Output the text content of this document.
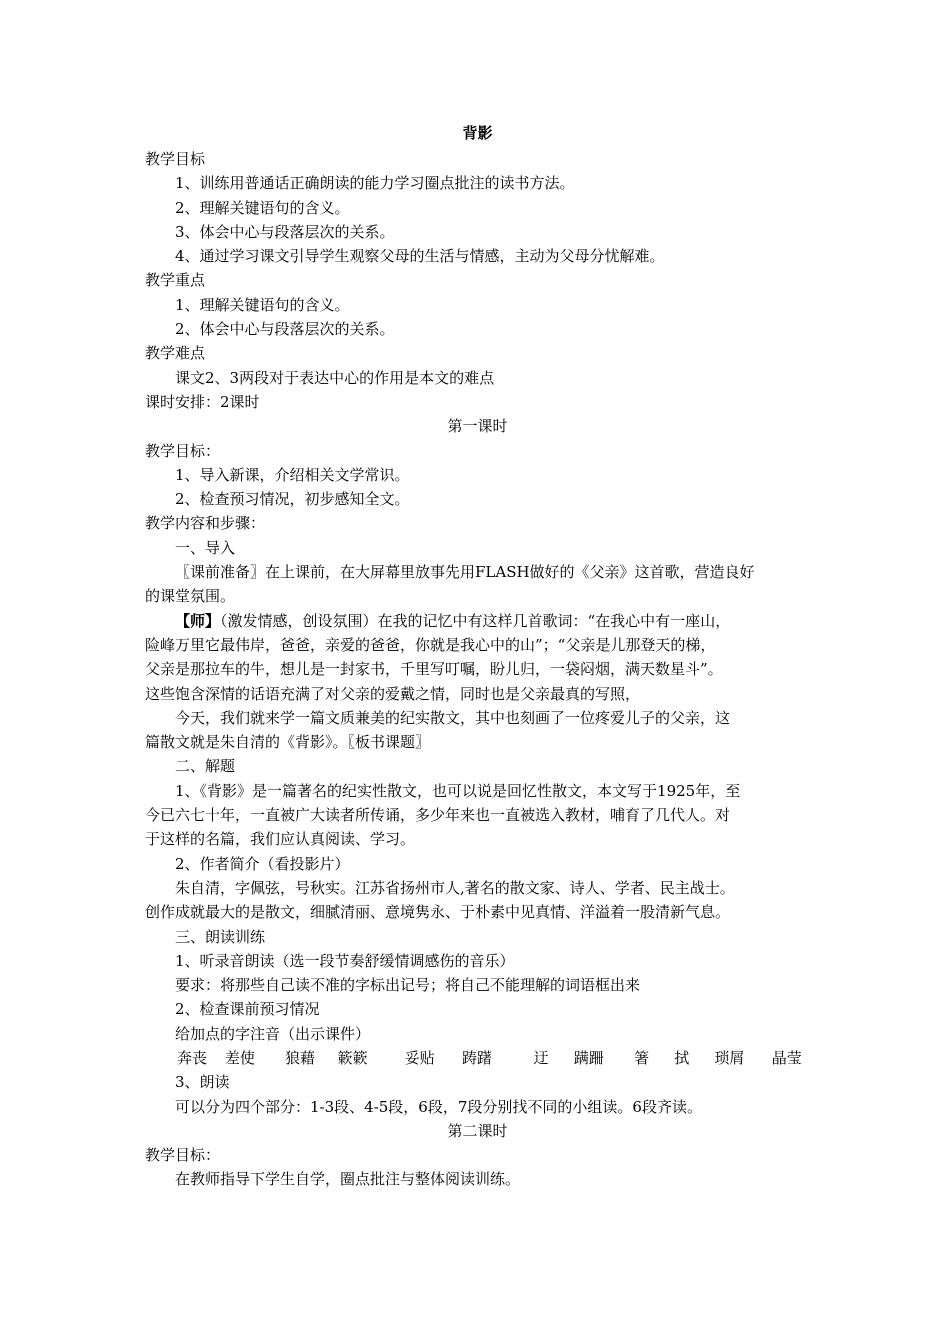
背影
教学目标
1、训练用普通话正确朗读的能力学习圈点批注的读书方法。
2、理解关键语句的含义。
3、体会中心与段落层次的关系。
4、通过学习课文引导学生观察父母的生活与情感，主动为父母分忧解难。
教学重点
1、理解关键语句的含义。
2、体会中心与段落层次的关系。
教学难点
课文2、3两段对于表达中心的作用是本文的难点
课时安排：2课时
第一课时
教学目标：
1、导入新课，介绍相关文学常识。
2、检查预习情况，初步感知全文。
教学内容和步骤：
一、导入
〖课前准备〗在上课前，在大屏幕里放事先用FLASH做好的《父亲》这首歌，营造良好
的课堂氛围。
【师】（激发情感，创设氛围）在我的记忆中有这样几首歌词：“在我心中有一座山，
险峰万里它最伟岸，爸爸，亲爱的爸爸，你就是我心中的山”；“父亲是儿那登天的梯，
父亲是那拉车的牛，想儿是一封家书，千里写叮嘱，盼儿归，一袋闷烟，满天数星斗”。
这些饱含深情的话语充满了对父亲的爱戴之情，同时也是父亲最真的写照，
今天，我们就来学一篇文质兼美的纪实散文，其中也刻画了一位疼爱儿子的父亲，这
篇散文就是朱自清的《背影》。〖板书课题〗
二、解题
1、《背影》是一篇著名的纪实性散文，也可以说是回忆性散文，本文写于1925年，至
今已六七十年，一直被广大读者所传诵，多少年来也一直被选入教材，哺育了几代人。对
于这样的名篇，我们应认真阅读、学习。
2、作者简介（看投影片）
朱自清，字佩弦，号秋实。江苏省扬州市人,著名的散文家、诗人、学者、民主战士。
创作成就最大的是散文，细腻清丽、意境隽永、于朴素中见真情、洋溢着一股清新气息。
三、朗读训练
1、听录音朗读（选一段节奏舒缓情调感伤的音乐）
要求：将那些自己读不准的字标出记号；将自己不能理解的词语框出来
2、检查课前预习情况
给加点的字注音（出示课件）
奔丧	差使	狼藉	簌簌	妥贴	踌躇	迂	蹒跚	箸	拭	琐屑	晶莹
3、朗读
可以分为四个部分：1-3段、4-5段，6段，7段分别找不同的小组读。6段齐读。
第二课时
教学目标：
在教师指导下学生自学，圈点批注与整体阅读训练。
